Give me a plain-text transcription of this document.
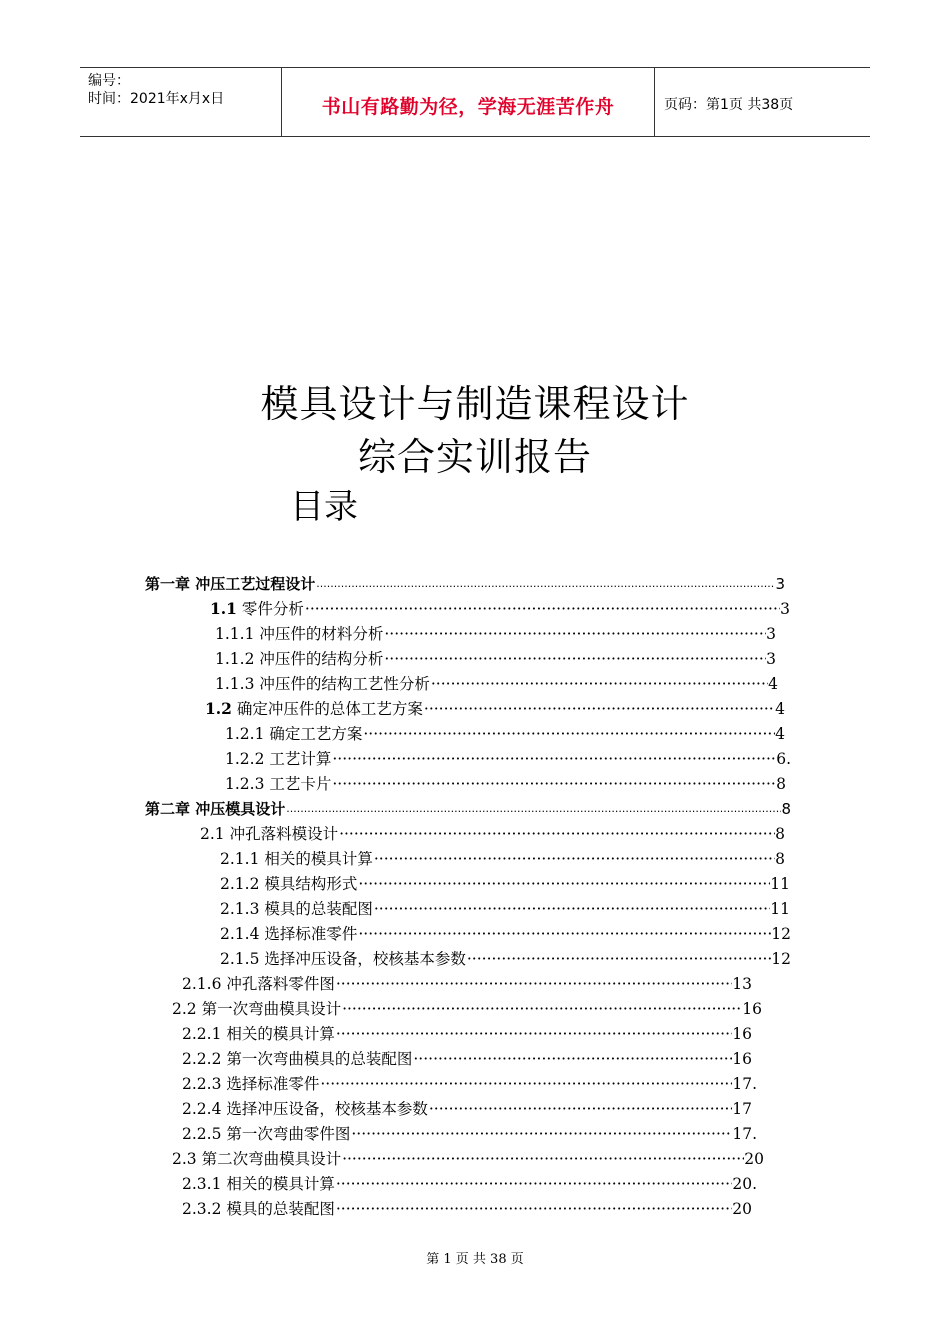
编号：
时间：2021年x月x日	书山有路勤为径，学海无涯苦作舟	页码：第1页 共38页
模具设计与制造课程设计
综合实训报告
目录
第一章 冲压工艺过程设计 .....	3
1.1 零件分析 ·····	3
1.1.1 冲压件的材料分析 ·····	3
1.1.2 冲压件的结构分析 ·····	3
1.1.3 冲压件的结构工艺性分析 ·····	4
1.2 确定冲压件的总体工艺方案 ·····	4
1.2.1 确定工艺方案 ·····	4
1.2.2 工艺计算 ·····	6.
1.2.3 工艺卡片 ·····	8
第二章 冲压模具设计 .....	8
2.1 冲孔落料模设计 ·····	8
2.1.1 相关的模具计算 ·····	8
2.1.2 模具结构形式 ·····	11
2.1.3 模具的总装配图 ·····	11
2.1.4 选择标准零件 ·····	12
2.1.5 选择冲压设备，校核基本参数 ·····	12
2.1.6 冲孔落料零件图 ·····	13
2.2 第一次弯曲模具设计 ·····	16
2.2.1 相关的模具计算 ·····	16
2.2.2 第一次弯曲模具的总装配图 ·····	16
2.2.3 选择标准零件 ·····	17.
2.2.4 选择冲压设备，校核基本参数 ·····	17
2.2.5 第一次弯曲零件图 ·····	17.
2.3 第二次弯曲模具设计 ·····	20
2.3.1 相关的模具计算 ·····	20.
2.3.2 模具的总装配图 ·····	20
第 1 页 共 38 页
